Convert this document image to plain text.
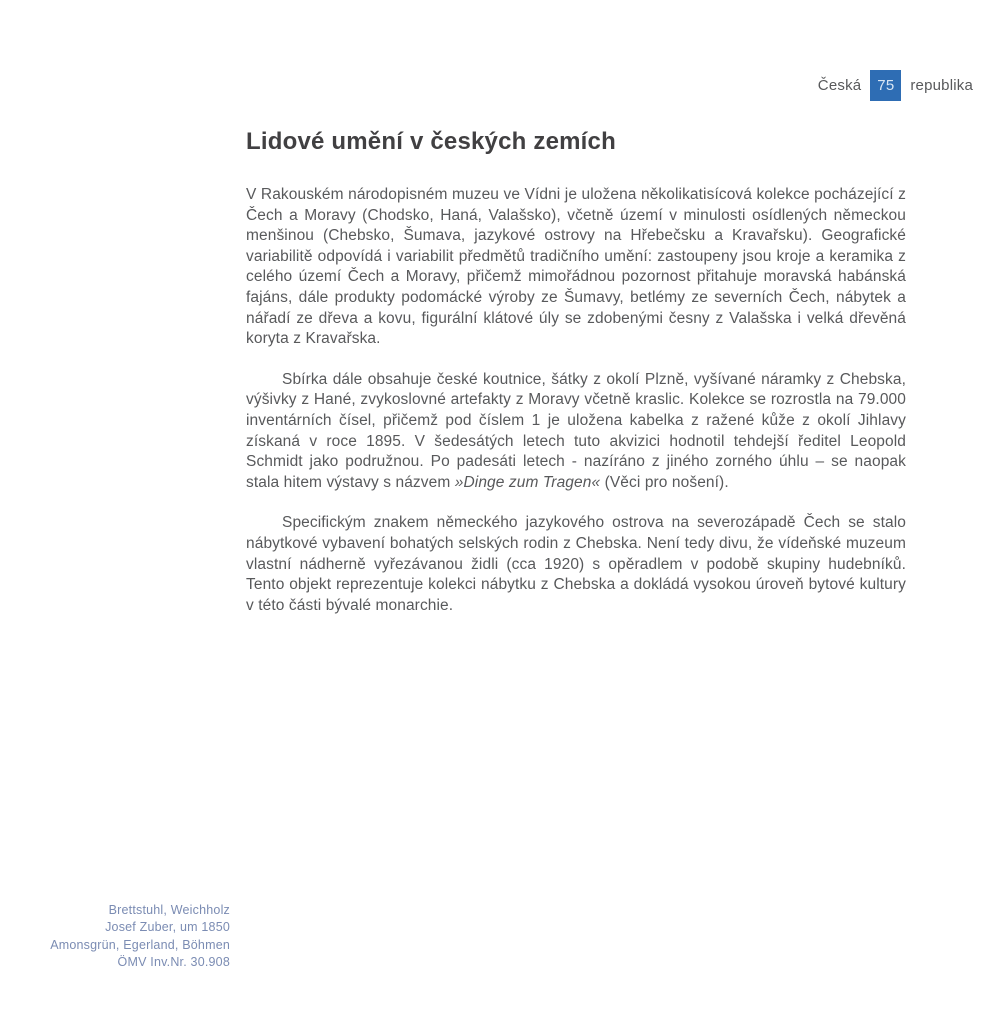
Česká 75 republika
Lidové umění v českých zemích

V Rakouském národopisném muzeu ve Vídni je uložena několikatisícová kolekce pocházející z Čech a Moravy (Chodsko, Haná, Valašsko), včetně území v minulosti osídlených německou menšinou (Chebsko, Šumava, jazykové ostrovy na Hřebečsku a Kravařsku). Geografické variabilitě odpovídá i variabilit předmětů tradičního umění: zastoupeny jsou kroje a keramika z celého území Čech a Moravy, přičemž mimořádnou pozornost přitahuje moravská habánská fajáns, dále produkty podomácké výroby ze Šumavy, betlémy ze severních Čech, nábytek a nářadí ze dřeva a kovu, figurální klátové úly se zdobenými česny z Valašska i velká dřevěná koryta z Kravařska.

Sbírka dále obsahuje české koutnice, šátky z okolí Plzně, vyšívané náramky z Chebska, výšivky z Hané, zvykoslovné artefakty z Moravy včetně kraslic. Kolekce se rozrostla na 79.000 inventárních čísel, přičemž pod číslem 1 je uložena kabelka z ražené kůže z okolí Jihlavy získaná v roce 1895. V šedesátých letech tuto akvizici hodnotil tehdejší ředitel Leopold Schmidt jako podružnou. Po padesáti letech - nazíráno z jiného zorného úhlu – se naopak stala hitem výstavy s názvem »Dinge zum Tragen« (Věci pro nošení).

Specifickým znakem německého jazykového ostrova na severozápadě Čech se stalo nábytkové vybavení bohatých selských rodin z Chebska. Není tedy divu, že vídeňské muzeum vlastní nádherně vyřezávanou židli (cca 1920) s opěradlem v podobě skupiny hudebníků. Tento objekt reprezentuje kolekci nábytku z Chebska a dokládá vysokou úroveň bytové kultury v této části bývalé monarchie.

Brettstuhl, Weichholz
Josef Zuber, um 1850
Amonsgrün, Egerland, Böhmen
ÖMV Inv.Nr. 30.908
